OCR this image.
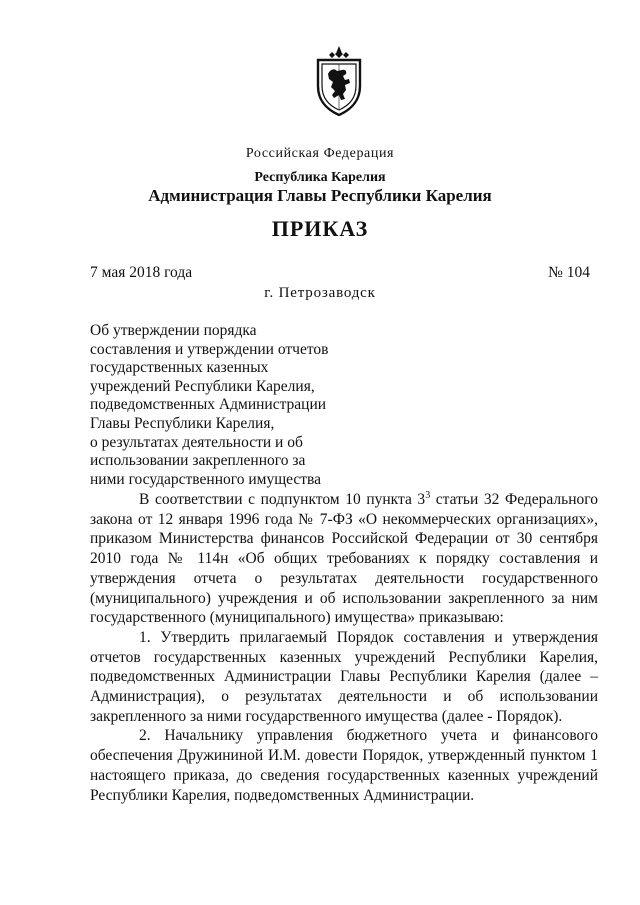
Российская Федерация
Республика Карелия
Администрация Главы Республики Карелия
ПРИКАЗ
7 мая 2018 года	№ 104
г. Петрозаводск
Об утверждении порядка
составления и утверждении отчетов
государственных казенных
учреждений Республики Карелия,
подведомственных Администрации
Главы Республики Карелия,
о результатах деятельности и об
использовании закрепленного за
ними государственного имущества

В соответствии с подпунктом 10 пункта $3^3$ статьи 32 Федерального закона от 12 января 1996 года № 7-ФЗ «О некоммерческих организациях», приказом Министерства финансов Российской Федерации от 30 сентября 2010 года № 114н «Об общих требованиях к порядку составления и утверждения отчета о результатах деятельности государственного (муниципального) учреждения и об использовании закрепленного за ним государственного (муниципального) имущества» приказываю:

1. Утвердить прилагаемый Порядок составления и утверждения отчетов государственных казенных учреждений Республики Карелия, подведомственных Администрации Главы Республики Карелия (далее – Администрация), о результатах деятельности и об использовании закрепленного за ними государственного имущества (далее - Порядок).

2. Начальнику управления бюджетного учета и финансового обеспечения Дружининой И.М. довести Порядок, утвержденный пунктом 1 настоящего приказа, до сведения государственных казенных учреждений Республики Карелия, подведомственных Администрации.
